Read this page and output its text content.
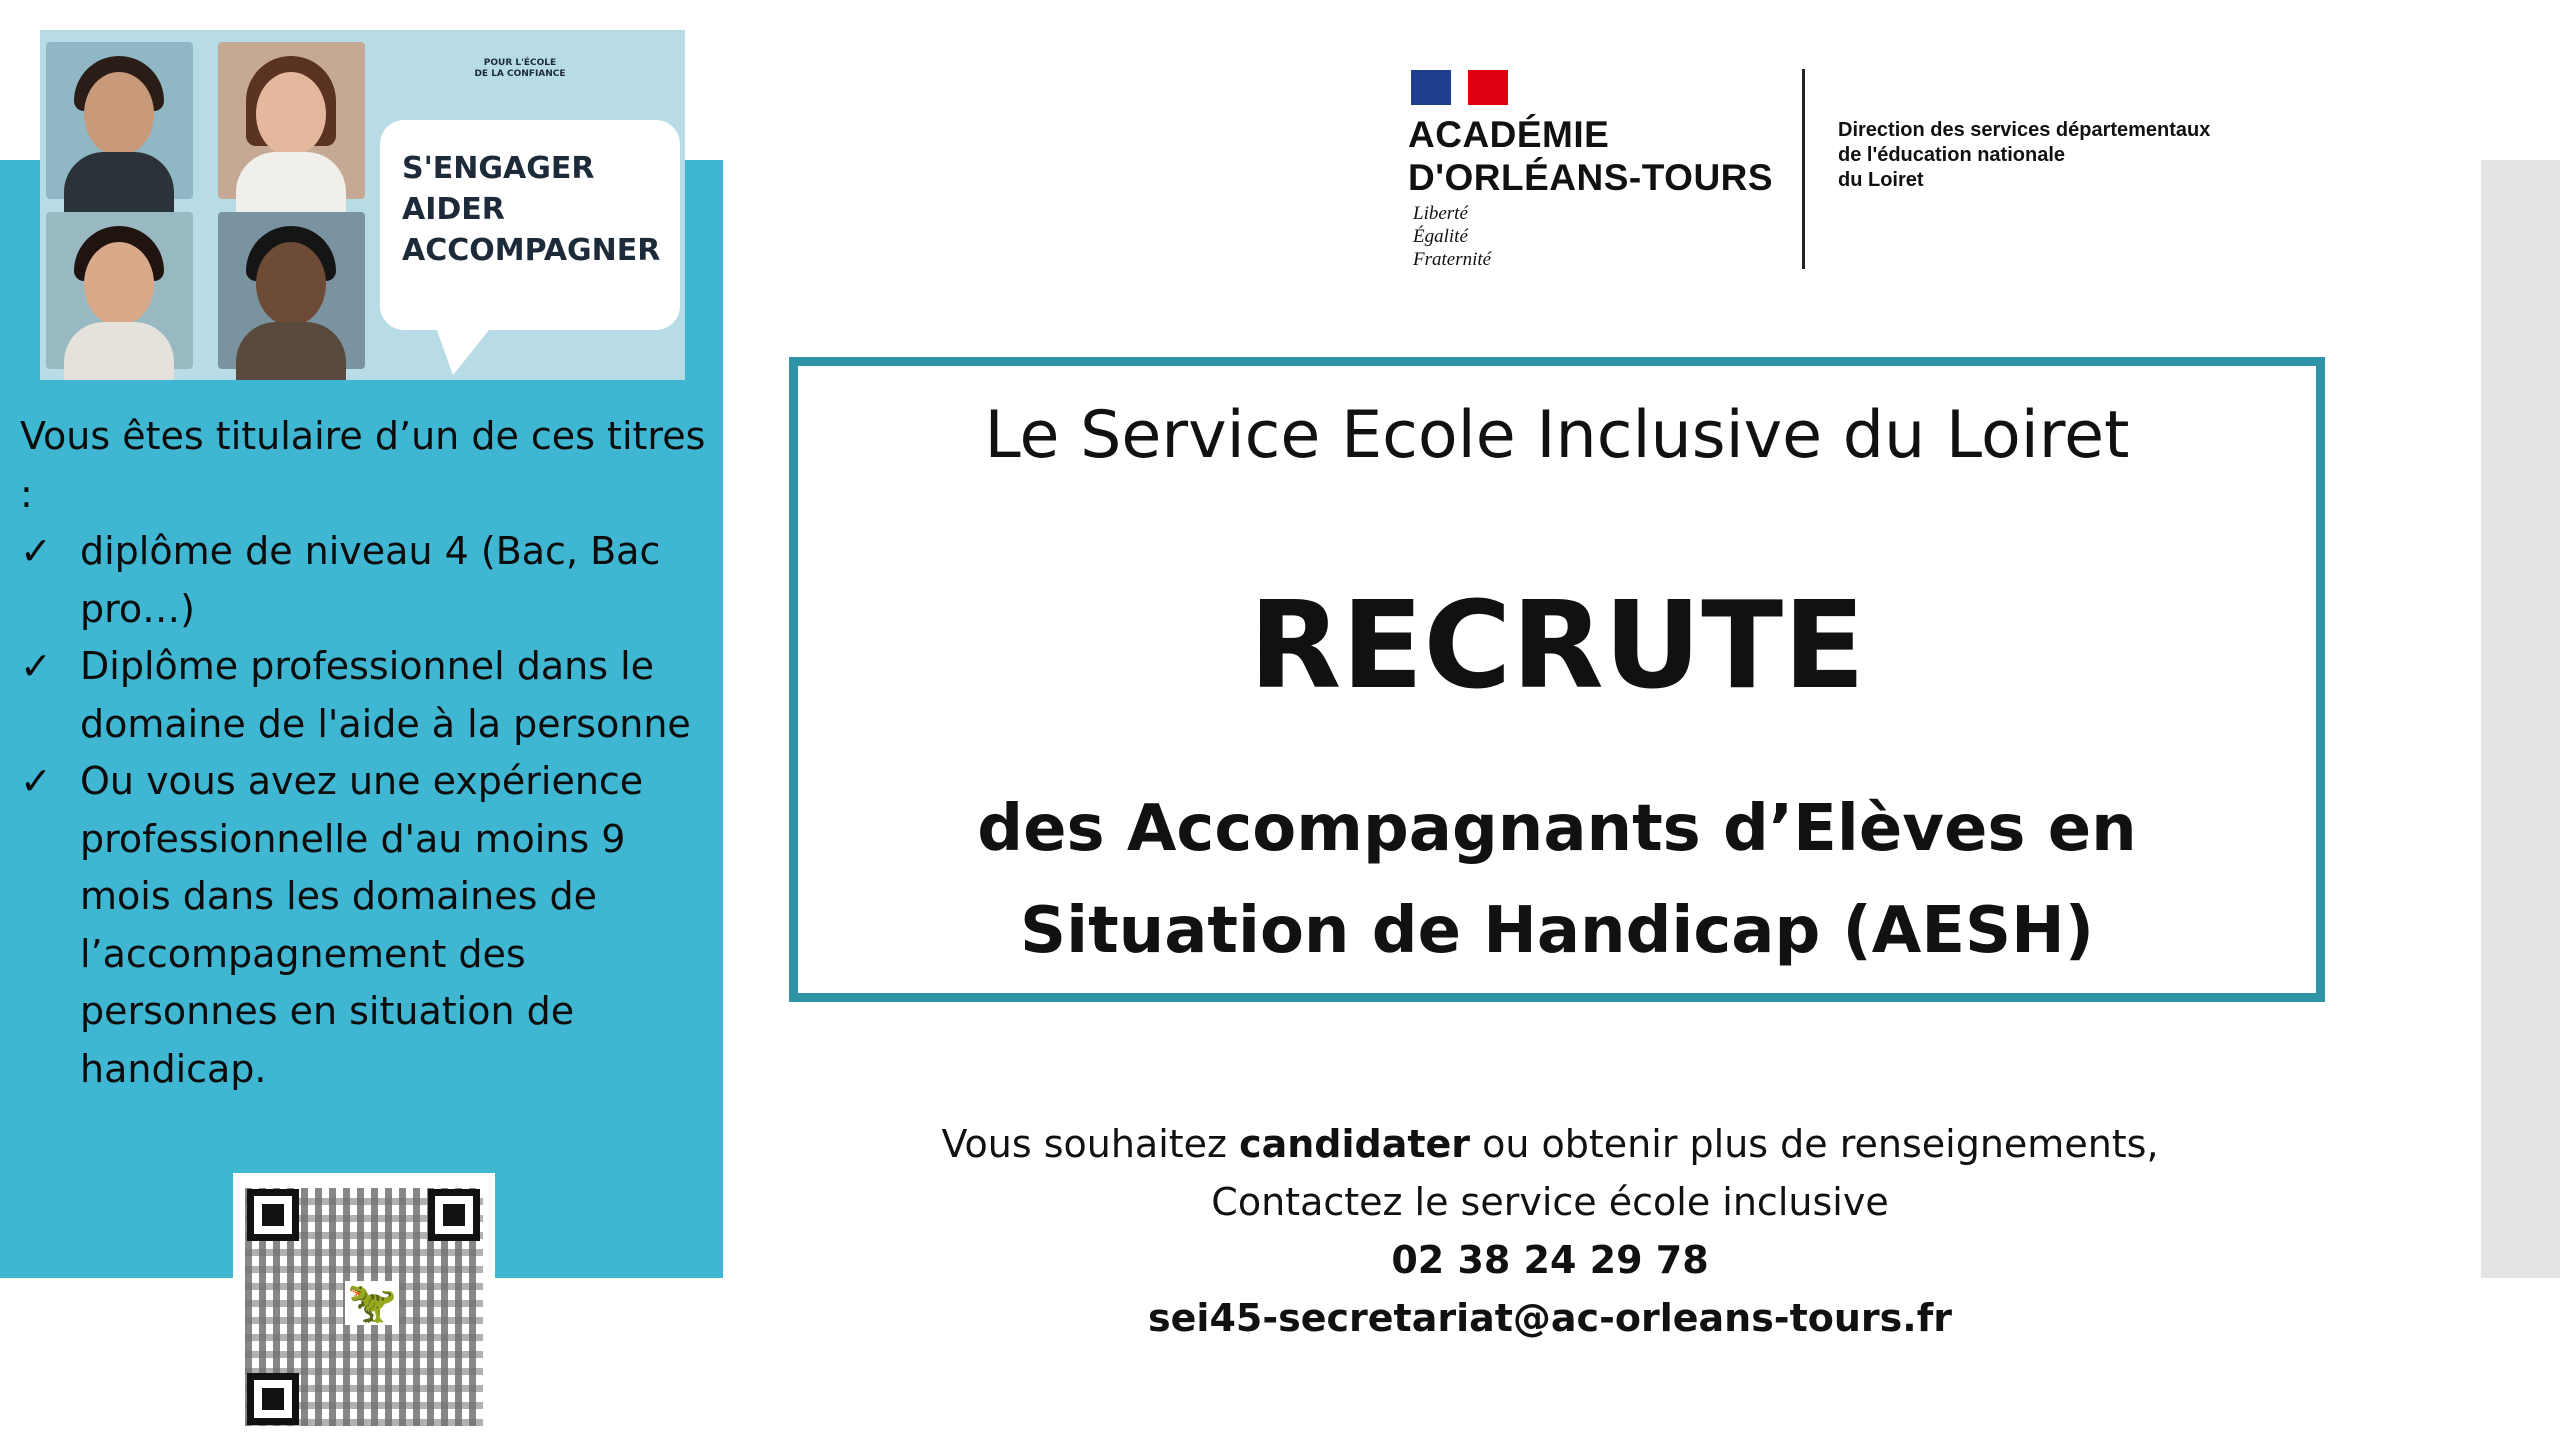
POUR L'ÉCOLE
DE LA CONFIANCE
S'ENGAGER
AIDER
ACCOMPAGNER
Vous êtes titulaire d’un de ces titres :
✓ diplôme de niveau 4 (Bac, Bac pro…)
✓ Diplôme professionnel dans le domaine de l'aide à la personne
✓ Ou vous avez une expérience professionnelle d'au moins 9 mois dans les domaines de l’accompagnement des personnes en situation de handicap.
🦖
ACADÉMIE
D'ORLÉANS-TOURS
Liberté
Égalité
Fraternité
Direction des services départementaux
de l'éducation nationale
du Loiret
Le Service Ecole Inclusive du Loiret
RECRUTE
des Accompagnants d’Elèves en
Situation de Handicap (AESH)
Vous souhaitez candidater ou obtenir plus de renseignements,
Contactez le service école inclusive
02 38 24 29 78
sei45-secretariat@ac-orleans-tours.fr
